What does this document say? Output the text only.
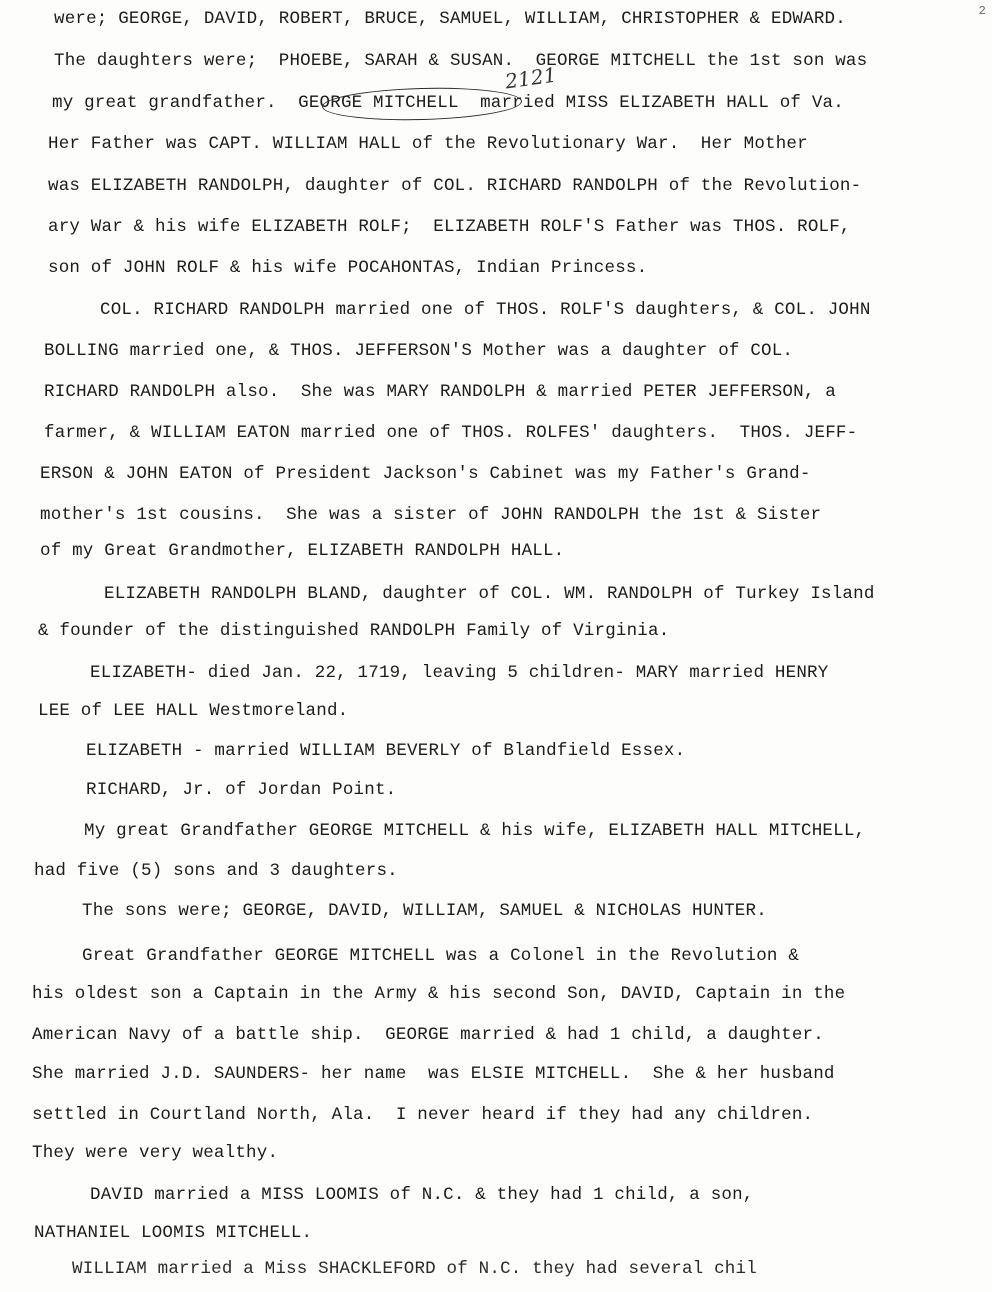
2
were; GEORGE, DAVID, ROBERT, BRUCE, SAMUEL, WILLIAM, CHRISTOPHER & EDWARD.
The daughters were;  PHOEBE, SARAH & SUSAN.  GEORGE MITCHELL the 1st son was
my great grandfather.  GEORGE MITCHELL  married MISS ELIZABETH HALL of Va.
Her Father was CAPT. WILLIAM HALL of the Revolutionary War.  Her Mother
was ELIZABETH RANDOLPH, daughter of COL. RICHARD RANDOLPH of the Revolution-
ary War & his wife ELIZABETH ROLF;  ELIZABETH ROLF'S Father was THOS. ROLF,
son of JOHN ROLF & his wife POCAHONTAS, Indian Princess.
COL. RICHARD RANDOLPH married one of THOS. ROLF'S daughters, & COL. JOHN
BOLLING married one, & THOS. JEFFERSON'S Mother was a daughter of COL.
RICHARD RANDOLPH also.  She was MARY RANDOLPH & married PETER JEFFERSON, a
farmer, & WILLIAM EATON married one of THOS. ROLFES' daughters.  THOS. JEFF-
ERSON & JOHN EATON of President Jackson's Cabinet was my Father's Grand-
mother's 1st cousins.  She was a sister of JOHN RANDOLPH the 1st & Sister
of my Great Grandmother, ELIZABETH RANDOLPH HALL.
ELIZABETH RANDOLPH BLAND, daughter of COL. WM. RANDOLPH of Turkey Island
& founder of the distinguished RANDOLPH Family of Virginia.
ELIZABETH- died Jan. 22, 1719, leaving 5 children- MARY married HENRY
LEE of LEE HALL Westmoreland.
ELIZABETH - married WILLIAM BEVERLY of Blandfield Essex.
RICHARD, Jr. of Jordan Point.
My great Grandfather GEORGE MITCHELL & his wife, ELIZABETH HALL MITCHELL,
had five (5) sons and 3 daughters.
The sons were; GEORGE, DAVID, WILLIAM, SAMUEL & NICHOLAS HUNTER.
Great Grandfather GEORGE MITCHELL was a Colonel in the Revolution &
his oldest son a Captain in the Army & his second Son, DAVID, Captain in the
American Navy of a battle ship.  GEORGE married & had 1 child, a daughter.
She married J.D. SAUNDERS- her name  was ELSIE MITCHELL.  She & her husband
settled in Courtland North, Ala.  I never heard if they had any children.
They were very wealthy.
DAVID married a MISS LOOMIS of N.C. & they had 1 child, a son,
NATHANIEL LOOMIS MITCHELL.
WILLIAM married a Miss SHACKLEFORD of N.C. they had several chil
2121
